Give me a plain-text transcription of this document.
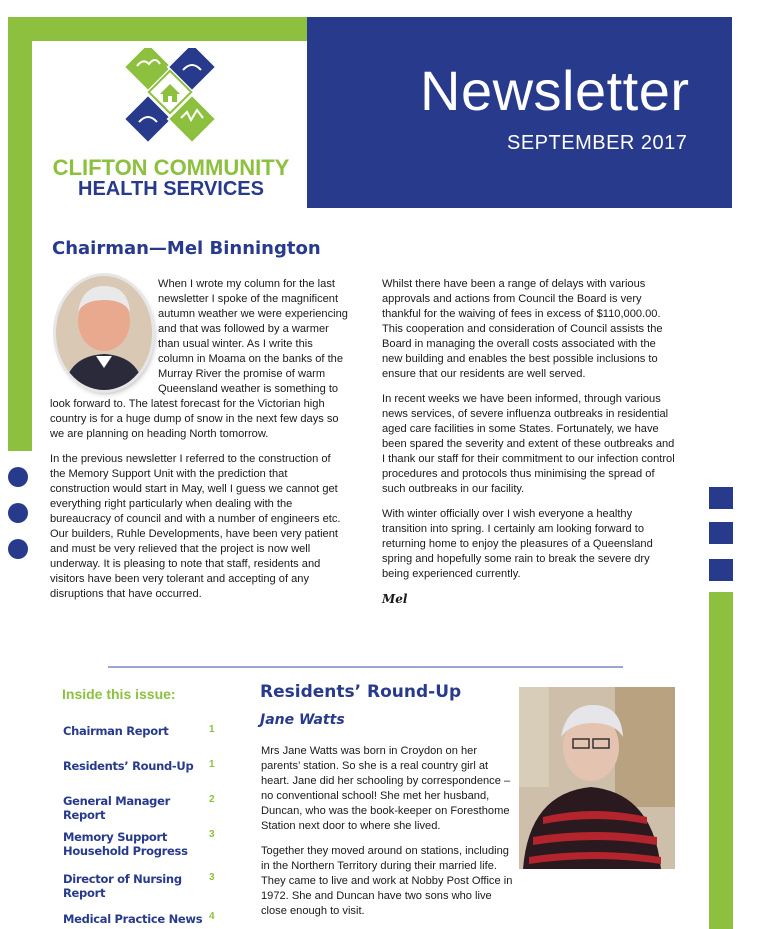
Newsletter
SEPTEMBER 2017
CLIFTON COMMUNITY
HEALTH SERVICES
Chairman—Mel Binnington

When I wrote my column for the last newsletter I spoke of the magnificent autumn weather we were experiencing and that was followed by a warmer than usual winter. As I write this column in Moama on the banks of the Murray River the promise of warm Queensland weather is something to look forward to. The latest forecast for the Victorian high country is for a huge dump of snow in the next few days so we are planning on heading North tomorrow.

In the previous newsletter I referred to the construction of the Memory Support Unit with the prediction that construction would start in May, well I guess we cannot get everything right particularly when dealing with the bureaucracy of council and with a number of engineers etc. Our builders, Ruhle Developments, have been very patient and must be very relieved that the project is now well underway. It is pleasing to note that staff, residents and visitors have been very tolerant and accepting of any disruptions that have occurred.

Whilst there have been a range of delays with various approvals and actions from Council the Board is very thankful for the waiving of fees in excess of $110,000.00. This cooperation and consideration of Council assists the Board in managing the overall costs associated with the new building and enables the best possible inclusions to ensure that our residents are well served.

In recent weeks we have been informed, through various news services, of severe influenza outbreaks in residential aged care facilities in some States. Fortunately, we have been spared the severity and extent of these outbreaks and I thank our staff for their commitment to our infection control procedures and protocols thus minimising the spread of such outbreaks in our facility.

With winter officially over I wish everyone a healthy transition into spring. I certainly am looking forward to returning home to enjoy the pleasures of a Queensland spring and hopefully some rain to break the severe dry being experienced currently.

Mel

Inside this issue:
Chairman Report	1
Residents’ Round-Up	1
General Manager Report
2
Memory Support Household Progress
3
Director of Nursing Report
3
Medical Practice News 4
Residents’ Round-Up
Jane Watts

Mrs Jane Watts was born in Croydon on her parents’ station. So she is a real country girl at heart. Jane did her schooling by correspondence – no conventional school! She met her husband, Duncan, who was the book-keeper on Foresthome Station next door to where she lived.

Together they moved around on stations, including in the Northern Territory during their married life. They came to live and work at Nobby Post Office in 1972. She and Duncan have two sons who live close enough to visit.
